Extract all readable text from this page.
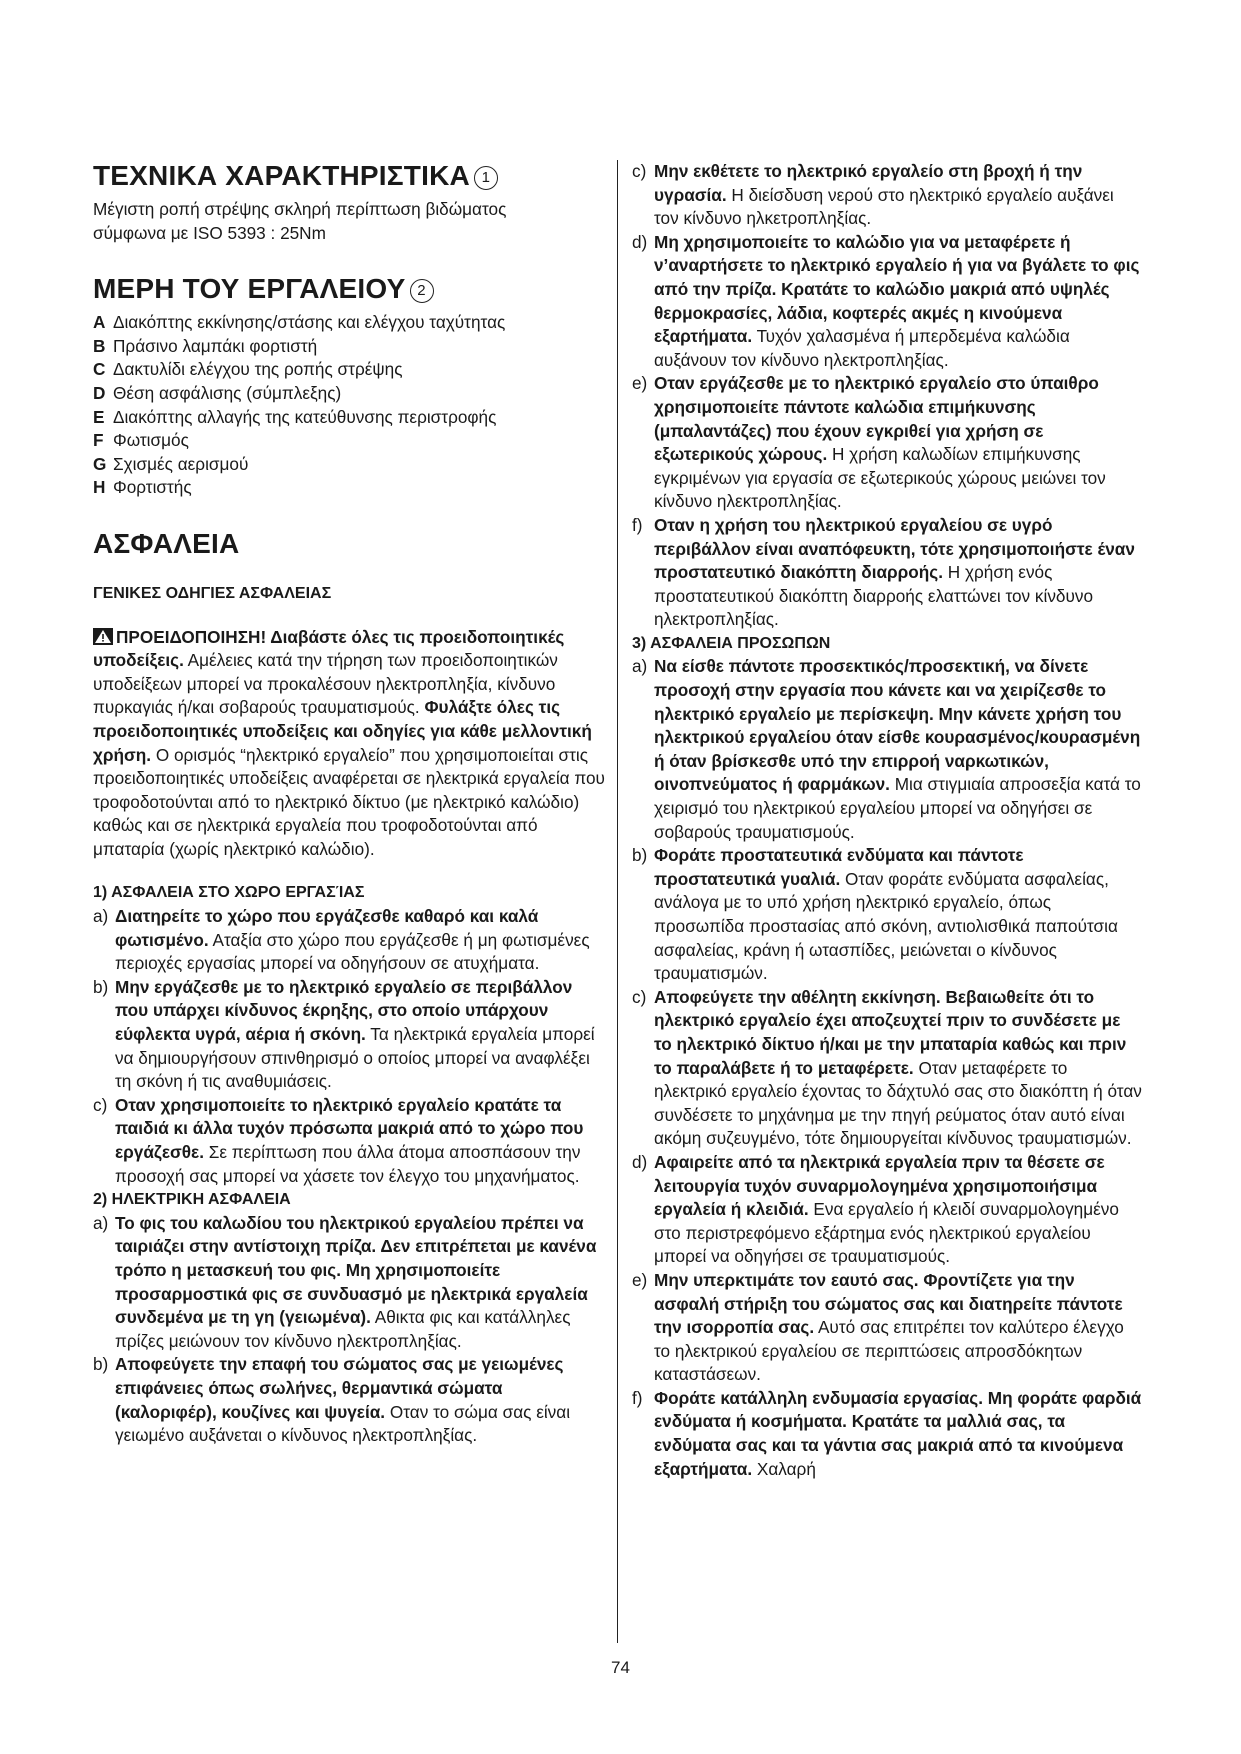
ΤΕΧΝΙΚΑ ΧΑΡΑΚΤΗΡΙΣΤΙΚΑ 1

Μέγιστη ροπή στρέψης σκληρή περίπτωση βιδώματος

σύμφωνα με ISO 5393 : 25Nm

ΜΕΡΗ ΤΟΥ ΕΡΓΑΛΕΙΟΥ 2
A Διακόπτης εκκίνησης/στάσης και ελέγχου ταχύτητας
B Πράσινο λαμπάκι φορτιστή
C Δακτυλίδι ελέγχου της ροπής στρέψης
D Θέση ασφάλισης (σύμπλεξης)
E Διακόπτης αλλαγής της κατεύθυνσης περιστροφής
F Φωτισμός
G Σχισμές αερισμού
H Φορτιστής
ΑΣΦΑΛΕΙΑ

ΓΕΝΙΚΕΣ ΟΔΗΓΙΕΣ ΑΣΦΑΛΕΙΑΣ

ΠΡΟΕΙΔΟΠΟΙΗΣΗ! Διαβάστε όλες τις προειδοποιητικές υποδείξεις. Αμέλειες κατά την τήρηση των προειδοποιητικών υποδείξεων μπορεί να προκαλέσουν ηλεκτροπληξία, κίνδυνο πυρκαγιάς ή/και σοβαρούς τραυματισμούς. Φυλάξτε όλες τις προειδοποιητικές υποδείξεις και οδηγίες για κάθε μελλοντική χρήση. Ο ορισμός “ηλεκτρικό εργαλείο” που χρησιμοποιείται στις προειδοποιητικές υποδείξεις αναφέρεται σε ηλεκτρικά εργαλεία που τροφοδοτούνται από το ηλεκτρικό δίκτυο (με ηλεκτρικό καλώδιο) καθώς και σε ηλεκτρικά εργαλεία που τροφοδοτούνται από μπαταρία (χωρίς ηλεκτρικό καλώδιο).

1) ΑΣΦΑΛΕΙΑ ΣΤΟ ΧΩΡΟ ΕΡΓΑΣΊΑΣ

a) Διατηρείτε το χώρο που εργάζεσθε καθαρό και καλά φωτισμένο. Αταξία στο χώρο που εργάζεσθε ή μη φωτισμένες περιοχές εργασίας μπορεί να οδηγήσουν σε ατυχήματα.
b) Μην εργάζεσθε με το ηλεκτρικό εργαλείο σε περιβάλλον που υπάρχει κίνδυνος έκρηξης, στο οποίο υπάρχουν εύφλεκτα υγρά, αέρια ή σκόνη. Τα ηλεκτρικά εργαλεία μπορεί να δημιουργήσουν σπινθηρισμό ο οποίος μπορεί να αναφλέξει τη σκόνη ή τις αναθυμιάσεις.
c) Οταν χρησιμοποιείτε το ηλεκτρικό εργαλείο κρατάτε τα παιδιά κι άλλα τυχόν πρόσωπα μακριά από το χώρο που εργάζεσθε. Σε περίπτωση που άλλα άτομα αποσπάσουν την προσοχή σας μπορεί να χάσετε τον έλεγχο του μηχανήματος.

2) ΗΛΕΚΤΡΙΚΗ ΑΣΦΑΛΕΙΑ

a) Το φις του καλωδίου του ηλεκτρικού εργαλείου πρέπει να ταιριάζει στην αντίστοιχη πρίζα. Δεν επιτρέπεται με κανένα τρόπο η μετασκευή του φις. Μη χρησιμοποιείτε προσαρμοστικά φις σε συνδυασμό με ηλεκτρικά εργαλεία συνδεμένα με τη γη (γειωμένα). Αθικτα φις και κατάλληλες πρίζες μειώνουν τον κίνδυνο ηλεκτροπληξίας.
b) Αποφεύγετε την επαφή του σώματος σας με γειωμένες επιφάνειες όπως σωλήνες, θερμαντικά σώματα (καλοριφέρ), κουζίνες και ψυγεία. Οταν το σώμα σας είναι γειωμένο αυξάνεται ο κίνδυνος ηλεκτροπληξίας.
c) Μην εκθέτετε το ηλεκτρικό εργαλείο στη βροχή ή την υγρασία. Η διείσδυση νερού στο ηλεκτρικό εργαλείο αυξάνει τον κίνδυνο ηλκετροπληξίας.
d) Μη χρησιμοποιείτε το καλώδιο για να μεταφέρετε ή ν’αναρτήσετε το ηλεκτρικό εργαλείο ή για να βγάλετε το φις από την πρίζα. Κρατάτε το καλώδιο μακριά από υψηλές θερμοκρασίες, λάδια, κοφτερές ακμές η κινούμενα εξαρτήματα. Τυχόν χαλασμένα ή μπερδεμένα καλώδια αυξάνουν τον κίνδυνο ηλεκτροπληξίας.
e) Οταν εργάζεσθε με το ηλεκτρικό εργαλείο στο ύπαιθρο χρησιμοποιείτε πάντοτε καλώδια επιμήκυνσης (μπαλαντάζες) που έχουν εγκριθεί για χρήση σε εξωτερικούς χώρους. Η χρήση καλωδίων επιμήκυνσης εγκριμένων για εργασία σε εξωτερικούς χώρους μειώνει τον κίνδυνο ηλεκτροπληξίας.
f) Οταν η χρήση του ηλεκτρικού εργαλείου σε υγρό περιβάλλον είναι αναπόφευκτη, τότε χρησιμοποιήστε έναν προστατευτικό διακόπτη διαρροής. Η χρήση ενός προστατευτικού διακόπτη διαρροής ελαττώνει τον κίνδυνο ηλεκτροπληξίας.

3) ΑΣΦΑΛΕΙΑ ΠΡΟΣΩΠΩΝ

a) Να είσθε πάντοτε προσεκτικός/προσεκτική, να δίνετε προσοχή στην εργασία που κάνετε και να χειρίζεσθε το ηλεκτρικό εργαλείο με περίσκεψη. Μην κάνετε χρήση του ηλεκτρικού εργαλείου όταν είσθε κουρασμένος/κουρασμένη ή όταν βρίσκεσθε υπό την επιρροή ναρκωτικών, οινοπνεύματος ή φαρμάκων. Μια στιγμιαία απροσεξία κατά το χειρισμό του ηλεκτρικού εργαλείου μπορεί να οδηγήσει σε σοβαρούς τραυματισμούς.
b) Φοράτε προστατευτικά ενδύματα και πάντοτε προστατευτικά γυαλιά. Οταν φοράτε ενδύματα ασφαλείας, ανάλογα με το υπό χρήση ηλεκτρικό εργαλείο, όπως προσωπίδα προστασίας από σκόνη, αντιολισθικά παπούτσια ασφαλείας, κράνη ή ωτασπίδες, μειώνεται ο κίνδυνος τραυματισμών.
c) Αποφεύγετε την αθέλητη εκκίνηση. Βεβαιωθείτε ότι το ηλεκτρικό εργαλείο έχει αποζευχτεί πριν το συνδέσετε με το ηλεκτρικό δίκτυο ή/και με την μπαταρία καθώς και πριν το παραλάβετε ή το μεταφέρετε. Οταν μεταφέρετε το ηλεκτρικό εργαλείο έχοντας το δάχτυλό σας στο διακόπτη ή όταν συνδέσετε το μηχάνημα με την πηγή ρεύματος όταν αυτό είναι ακόμη συζευγμένο, τότε δημιουργείται κίνδυνος τραυματισμών.
d) Αφαιρείτε από τα ηλεκτρικά εργαλεία πριν τα θέσετε σε λειτουργία τυχόν συναρμολογημένα χρησιμοποιήσιμα εργαλεία ή κλειδιά. Ενα εργαλείο ή κλειδί συναρμολογημένο στο περιστρεφόμενο εξάρτημα ενός ηλεκτρικού εργαλείου μπορεί να οδηγήσει σε τραυματισμούς.
e) Μην υπερκτιμάτε τον εαυτό σας. Φροντίζετε για την ασφαλή στήριξη του σώματος σας και διατηρείτε πάντοτε την ισορροπία σας. Αυτό σας επιτρέπει τον καλύτερο έλεγχο το ηλεκτρικού εργαλείου σε περιπτώσεις απροσδόκητων καταστάσεων.
f) Φοράτε κατάλληλη ενδυμασία εργασίας. Μη φοράτε φαρδιά ενδύματα ή κοσμήματα. Κρατάτε τα μαλλιά σας, τα ενδύματα σας και τα γάντια σας μακριά από τα κινούμενα εξαρτήματα. Χαλαρή
74
